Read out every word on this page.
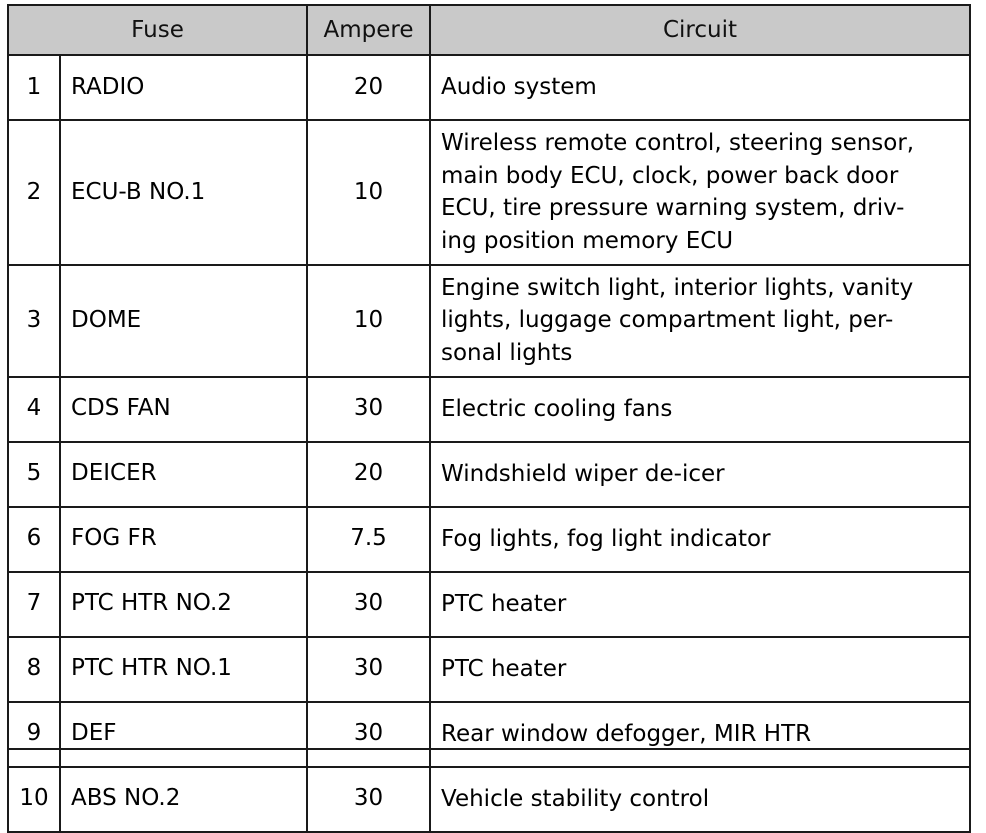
Fuse		Ampere	Circuit
1	RADIO	20	Audio system

2	ECU-B NO.1	10	Wireless remote control, steering sensor,
main body ECU, clock, power back door
ECU, tire pressure warning system, driv-
ing position memory ECU

3	DOME	10	Engine switch light, interior lights, vanity
lights, luggage compartment light, per-
sonal lights

4	CDS FAN	30	Electric cooling fans

5	DEICER	20	Windshield wiper de-icer

6	FOG FR	7.5	Fog lights, fog light indicator

7	PTC HTR NO.2	30	PTC heater

8	PTC HTR NO.1	30	PTC heater

9	DEF	30	Rear window defogger, MIR HTR

10	ABS NO.2	30	Vehicle stability control
